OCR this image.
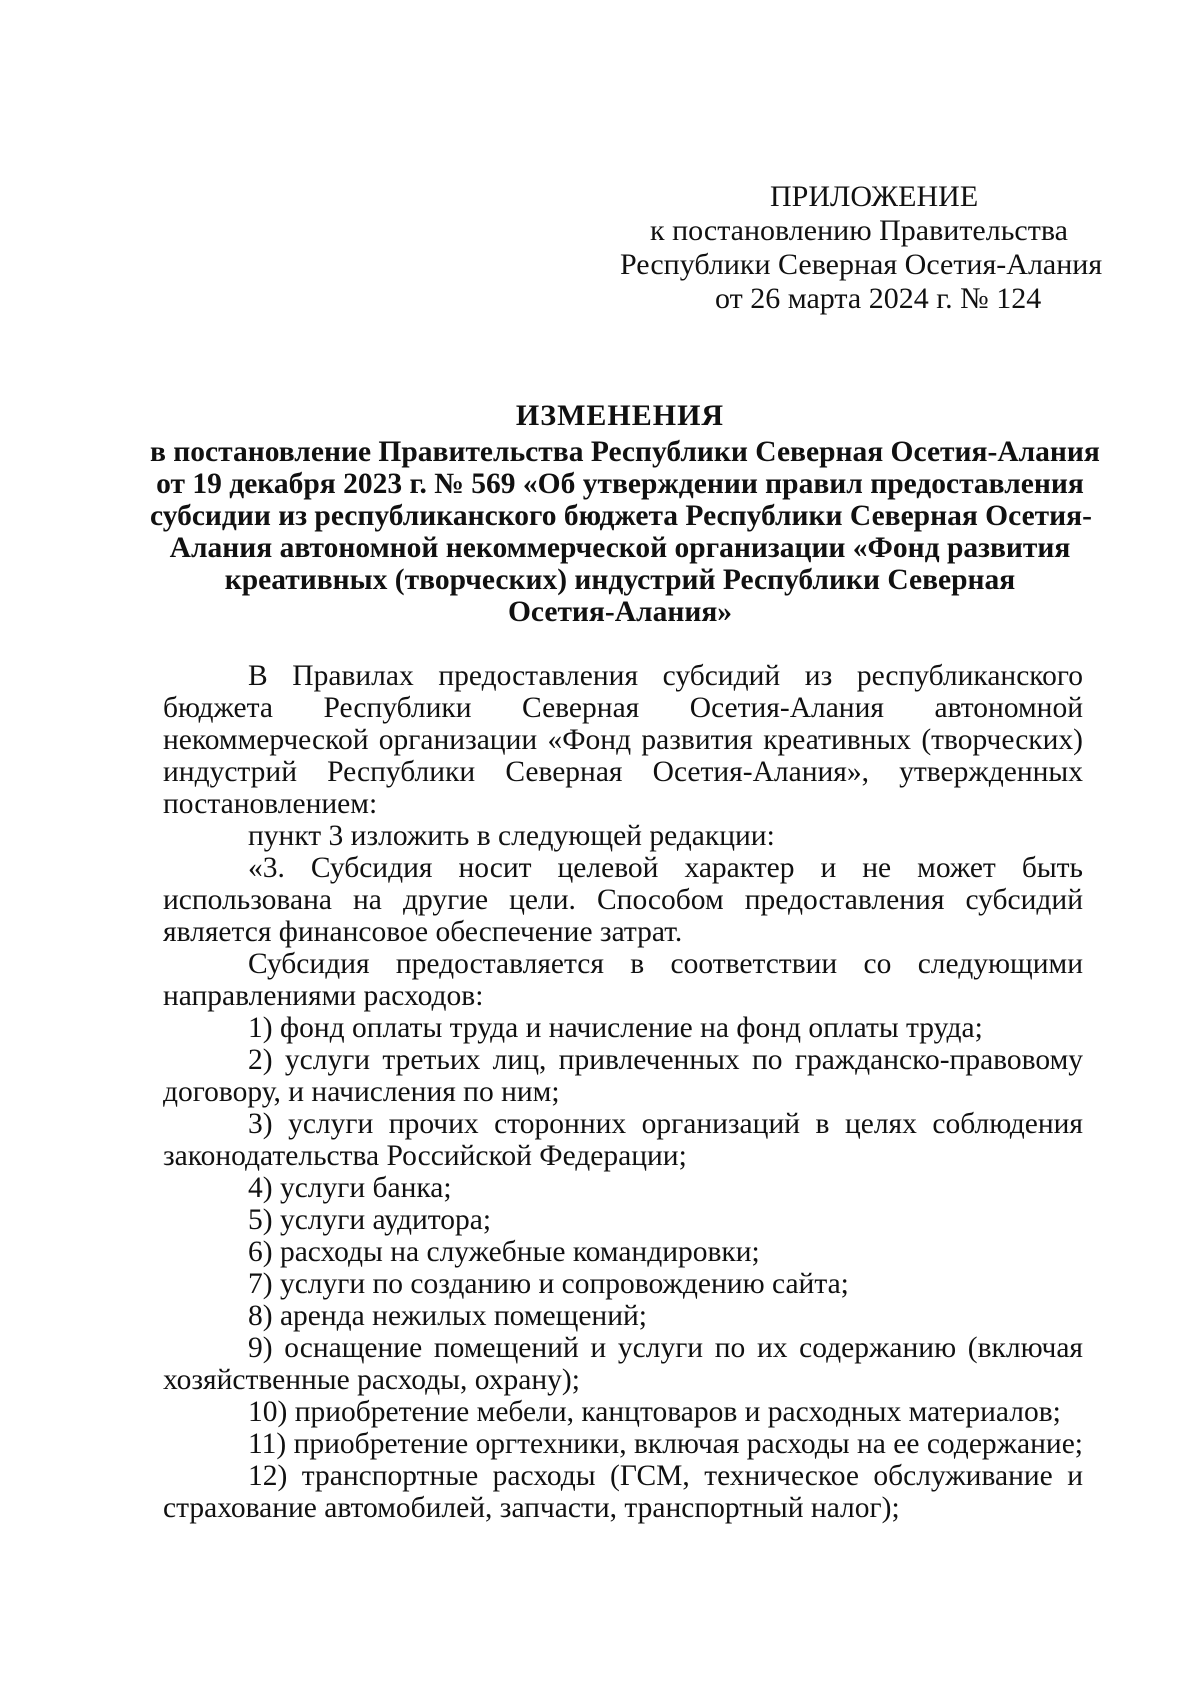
ПРИЛОЖЕНИЕ
к постановлению Правительства
Республики Северная Осетия-Алания
от 26 марта 2024 г. № 124
ИЗМЕНЕНИЯ
в постановление Правительства Республики Северная Осетия-Алания
от 19 декабря 2023 г. № 569 «Об утверждении правил предоставления
субсидии из республиканского бюджета Республики Северная Осетия-
Алания автономной некоммерческой организации «Фонд развития
креативных (творческих) индустрий Республики Северная
Осетия-Алания»

В Правилах предоставления субсидий из республиканского бюджета Республики Северная Осетия-Алания автономной некоммерческой организации «Фонд развития креативных (творческих) индустрий Республики Северная Осетия-Алания», утвержденных постановлением:

пункт 3 изложить в следующей редакции:

«3. Субсидия носит целевой характер и не может быть использована на другие цели. Способом предоставления субсидий является финансовое обеспечение затрат.

Субсидия предоставляется в соответствии со следующими направлениями расходов:

1) фонд оплаты труда и начисление на фонд оплаты труда;

2) услуги третьих лиц, привлеченных по гражданско-правовому договору, и начисления по ним;

3) услуги прочих сторонних организаций в целях соблюдения законодательства Российской Федерации;

4) услуги банка;

5) услуги аудитора;

6) расходы на служебные командировки;

7) услуги по созданию и сопровождению сайта;

8) аренда нежилых помещений;

9) оснащение помещений и услуги по их содержанию (включая хозяйственные расходы, охрану);

10) приобретение мебели, канцтоваров и расходных материалов;

11) приобретение оргтехники, включая расходы на ее содержание;

12) транспортные расходы (ГСМ, техническое обслуживание и страхование автомобилей, запчасти, транспортный налог);
